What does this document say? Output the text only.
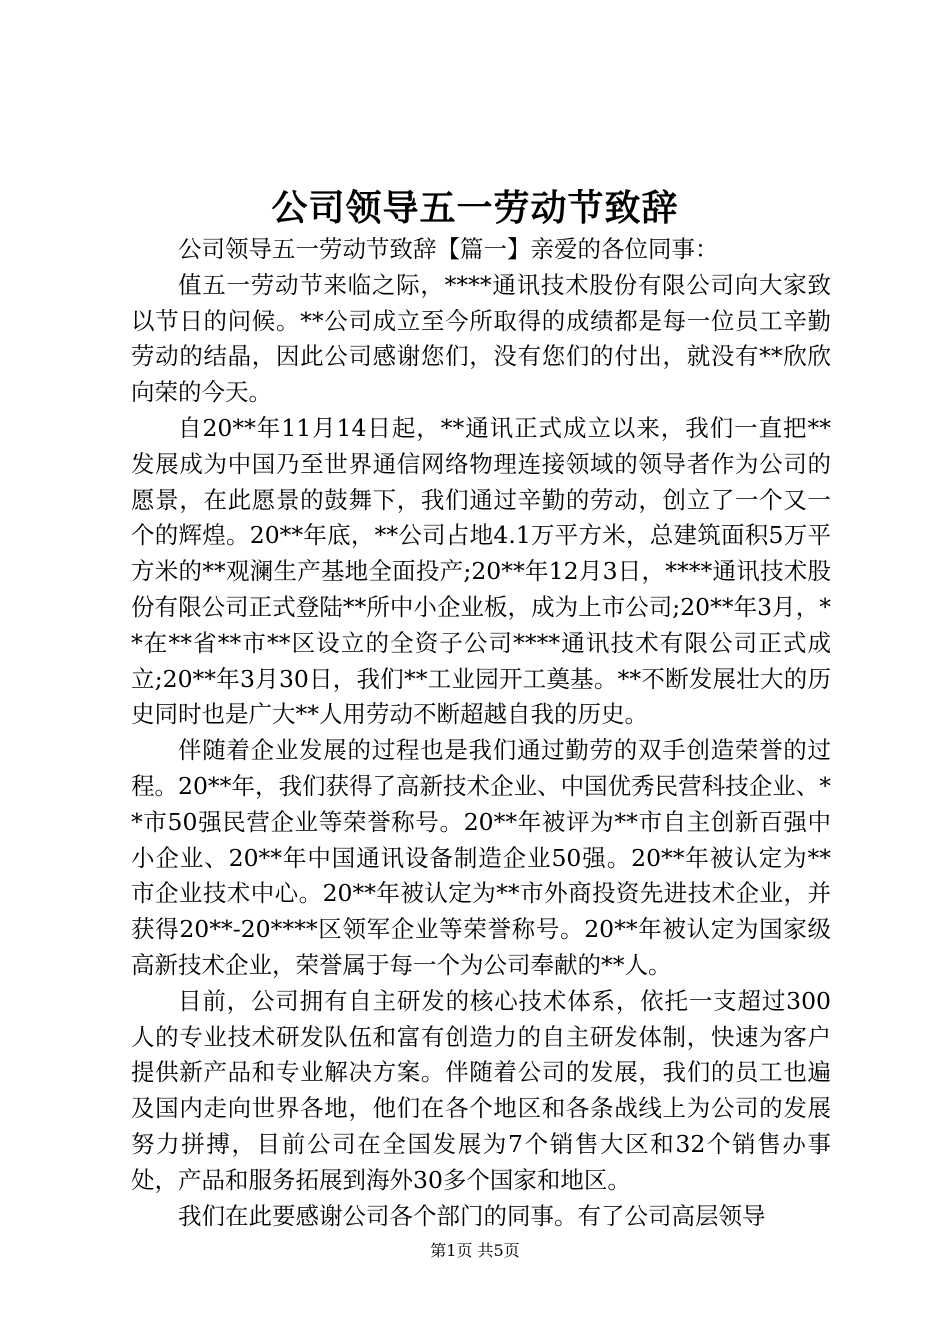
公司领导五一劳动节致辞

公司领导五一劳动节致辞【篇一】亲爱的各位同事：

值五一劳动节来临之际，****通讯技术股份有限公司向大家致以节日的问候。**公司成立至今所取得的成绩都是每一位员工辛勤劳动的结晶，因此公司感谢您们，没有您们的付出，就没有**欣欣向荣的今天。

自20**年11月14日起，**通讯正式成立以来，我们一直把**发展成为中国乃至世界通信网络物理连接领域的领导者作为公司的愿景，在此愿景的鼓舞下，我们通过辛勤的劳动，创立了一个又一个的辉煌。20**年底，**公司占地4.1万平方米，总建筑面积5万平方米的**观澜生产基地全面投产;20**年12月3日，****通讯技术股份有限公司正式登陆**所中小企业板，成为上市公司;20**年3月，**在**省**市**区设立的全资子公司****通讯技术有限公司正式成立;20**年3月30日，我们**工业园开工奠基。**不断发展壮大的历史同时也是广大**人用劳动不断超越自我的历史。

伴随着企业发展的过程也是我们通过勤劳的双手创造荣誉的过程。20**年，我们获得了高新技术企业、中国优秀民营科技企业、**市50强民营企业等荣誉称号。20**年被评为**市自主创新百强中小企业、20**年中国通讯设备制造企业50强。20**年被认定为**市企业技术中心。20**年被认定为**市外商投资先进技术企业，并获得20**-20****区领军企业等荣誉称号。20**年被认定为国家级高新技术企业，荣誉属于每一个为公司奉献的**人。

目前，公司拥有自主研发的核心技术体系，依托一支超过300人的专业技术研发队伍和富有创造力的自主研发体制，快速为客户提供新产品和专业解决方案。伴随着公司的发展，我们的员工也遍及国内走向世界各地，他们在各个地区和各条战线上为公司的发展努力拼搏，目前公司在全国发展为7个销售大区和32个销售办事处，产品和服务拓展到海外30多个国家和地区。

我们在此要感谢公司各个部门的同事。有了公司高层领导

第1页 共5页
